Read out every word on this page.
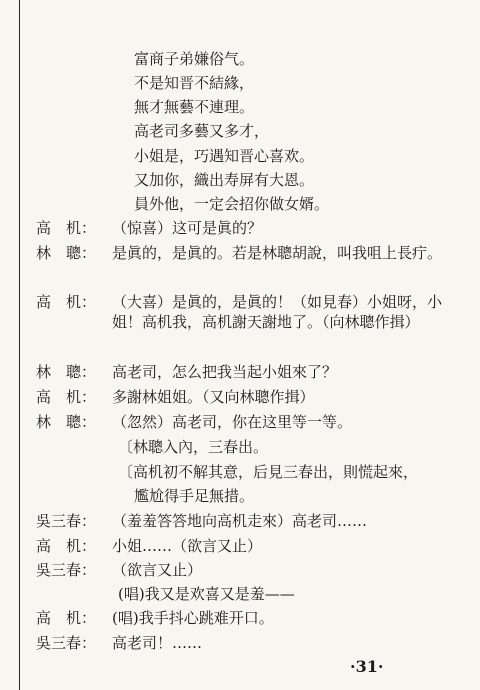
富商子弟嫌俗气。
不是知晋不結緣，
無才無藝不連理。
高老司多藝又多才，
小姐是，巧遇知晋心喜欢。
又加你，織出寿屏有大恩。
員外他，一定会招你做女婿。
高　机：	（惊喜）这可是眞的？
林　聰：	是眞的，是眞的。若是林聰胡說，叫我咀上長疔。
高　机：	（大喜）是眞的，是眞的！（如見春）小姐呀，小姐！高机我，高机謝天謝地了。（向林聰作揖）
林　聰：	高老司，怎么把我当起小姐來了？
高　机：	多謝林姐姐。（又向林聰作揖）
林　聰：	（忽然）高老司，你在这里等一等。
〔林聰入內，三春出。
〔高机初不解其意，后見三春出，則慌起來，
尷尬得手足無措。
吳三春：	（羞羞答答地向高机走來）高老司……
高　机：	小姐……（欲言又止）
吳三春：	（欲言又止）
(唱)我又是欢喜又是羞——
高　机：	(唱)我手抖心跳难开口。
吳三春：	高老司！……
·31·
